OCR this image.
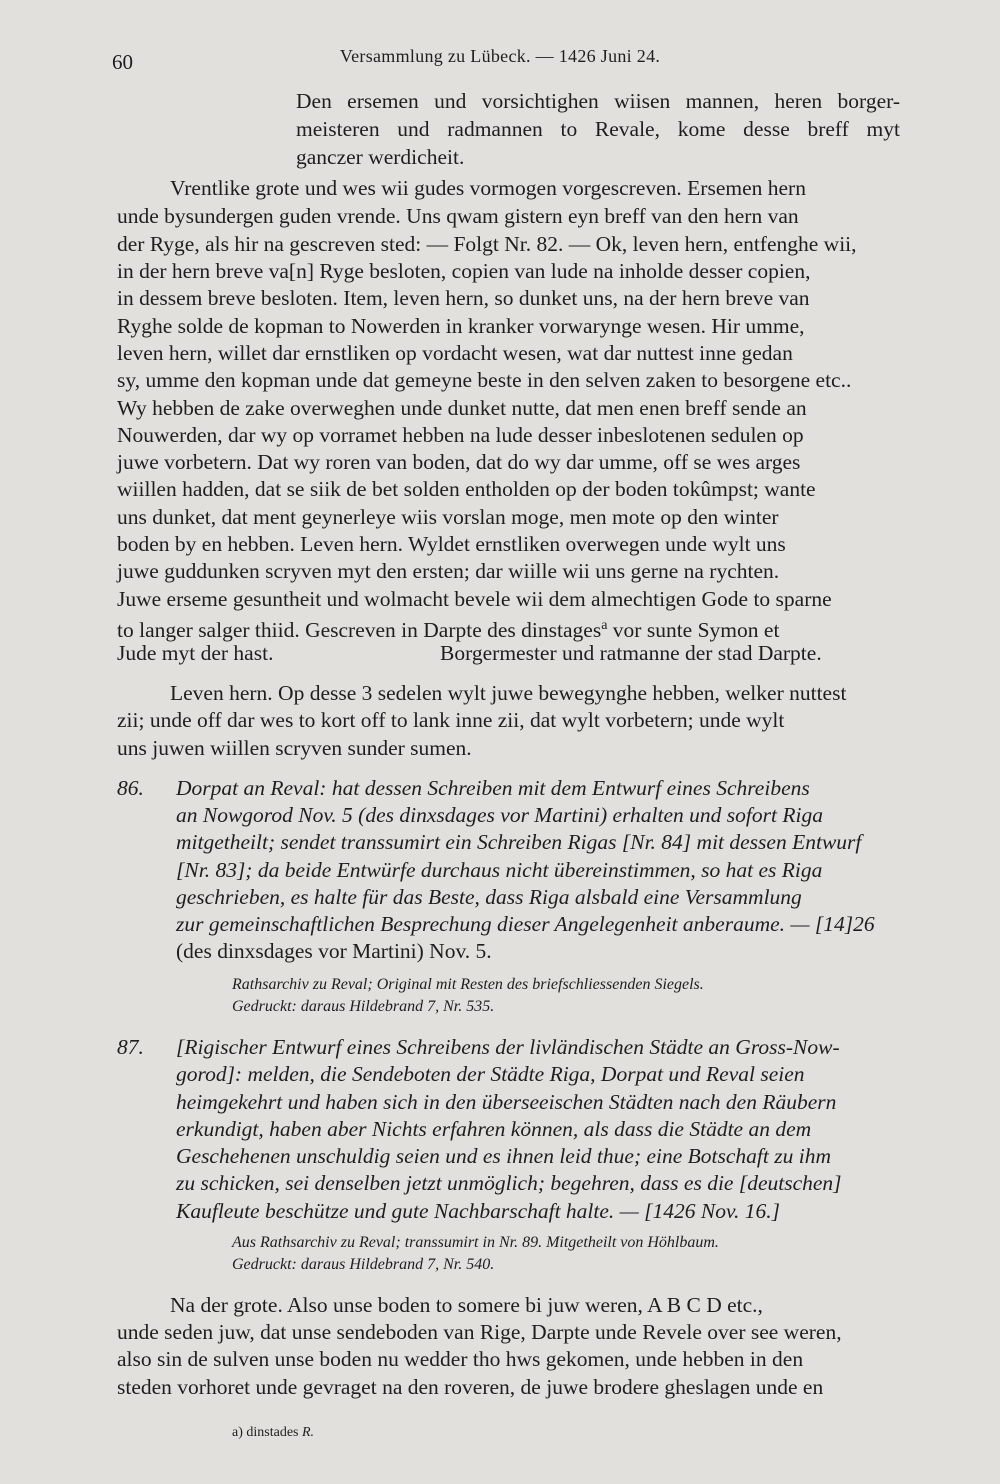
60	Versammlung zu Lübeck. — 1426 Juni 24.
Den ersemen und vorsichtighen wiisen mannen, heren borger-
meisteren und radmannen to Revale, kome desse breff myt
ganczer werdicheit.
Vrentlike grote und wes wii gudes vormogen vorgescreven. Ersemen hern
unde bysundergen guden vrende. Uns qwam gistern eyn breff van den hern van
der Ryge, als hir na gescreven sted: — Folgt Nr. 82. — Ok, leven hern, entfenghe wii,
in der hern breve va[n] Ryge besloten, copien van lude na inholde desser copien,
in dessem breve besloten. Item, leven hern, so dunket uns, na der hern breve van
Ryghe solde de kopman to Nowerden in kranker vorwarynge wesen. Hir umme,
leven hern, willet dar ernstliken op vordacht wesen, wat dar nuttest inne gedan
sy, umme den kopman unde dat gemeyne beste in den selven zaken to besorgene etc..
Wy hebben de zake overweghen unde dunket nutte, dat men enen breff sende an
Nouwerden, dar wy op vorramet hebben na lude desser inbeslotenen sedulen op
juwe vorbetern. Dat wy roren van boden, dat do wy dar umme, off se wes arges
wiillen hadden, dat se siik de bet solden entholden op der boden tokûmpst; wante
uns dunket, dat ment geynerleye wiis vorslan moge, men mote op den winter
boden by en hebben. Leven hern. Wyldet ernstliken overwegen unde wylt uns
juwe guddunken scryven myt den ersten; dar wiille wii uns gerne na rychten.
Juwe erseme gesuntheit und wolmacht bevele wii dem almechtigen Gode to sparne
to langer salger thiid. Gescreven in Darpte des dinstages$^a$ vor sunte Symon et
Jude myt der hast.	Borgermester und ratmanne der stad Darpte.
Leven hern. Op desse 3 sedelen wylt juwe bewegynghe hebben, welker nuttest
zii; unde off dar wes to kort off to lank inne zii, dat wylt vorbetern; unde wylt
uns juwen wiillen scryven sunder sumen.
86. Dorpat an Reval: hat dessen Schreiben mit dem Entwurf eines Schreibens
an Nowgorod Nov. 5 (des dinxsdages vor Martini) erhalten und sofort Riga
mitgetheilt; sendet transsumirt ein Schreiben Rigas [Nr. 84] mit dessen Entwurf
[Nr. 83]; da beide Entwürfe durchaus nicht übereinstimmen, so hat es Riga
geschrieben, es halte für das Beste, dass Riga alsbald eine Versammlung
zur gemeinschaftlichen Besprechung dieser Angelegenheit anberaume. — [14]26
(des dinxsdages vor Martini) Nov. 5.
Rathsarchiv zu Reval; Original mit Resten des briefschliessenden Siegels.
Gedruckt: daraus Hildebrand 7, Nr. 535.
87. [Rigischer Entwurf eines Schreibens der livländischen Städte an Gross-Now-
gorod]: melden, die Sendeboten der Städte Riga, Dorpat und Reval seien
heimgekehrt und haben sich in den überseeischen Städten nach den Räubern
erkundigt, haben aber Nichts erfahren können, als dass die Städte an dem
Geschehenen unschuldig seien und es ihnen leid thue; eine Botschaft zu ihm
zu schicken, sei denselben jetzt unmöglich; begehren, dass es die [deutschen]
Kaufleute beschütze und gute Nachbarschaft halte. — [1426 Nov. 16.]
Aus Rathsarchiv zu Reval; transsumirt in Nr. 89. Mitgetheilt von Höhlbaum.
Gedruckt: daraus Hildebrand 7, Nr. 540.
Na der grote. Also unse boden to somere bi juw weren, A B C D etc.,
unde seden juw, dat unse sendeboden van Rige, Darpte unde Revele over see weren,
also sin de sulven unse boden nu wedder tho hws gekomen, unde hebben in den
steden vorhoret unde gevraget na den roveren, de juwe brodere gheslagen unde en
a) dinstades R.
